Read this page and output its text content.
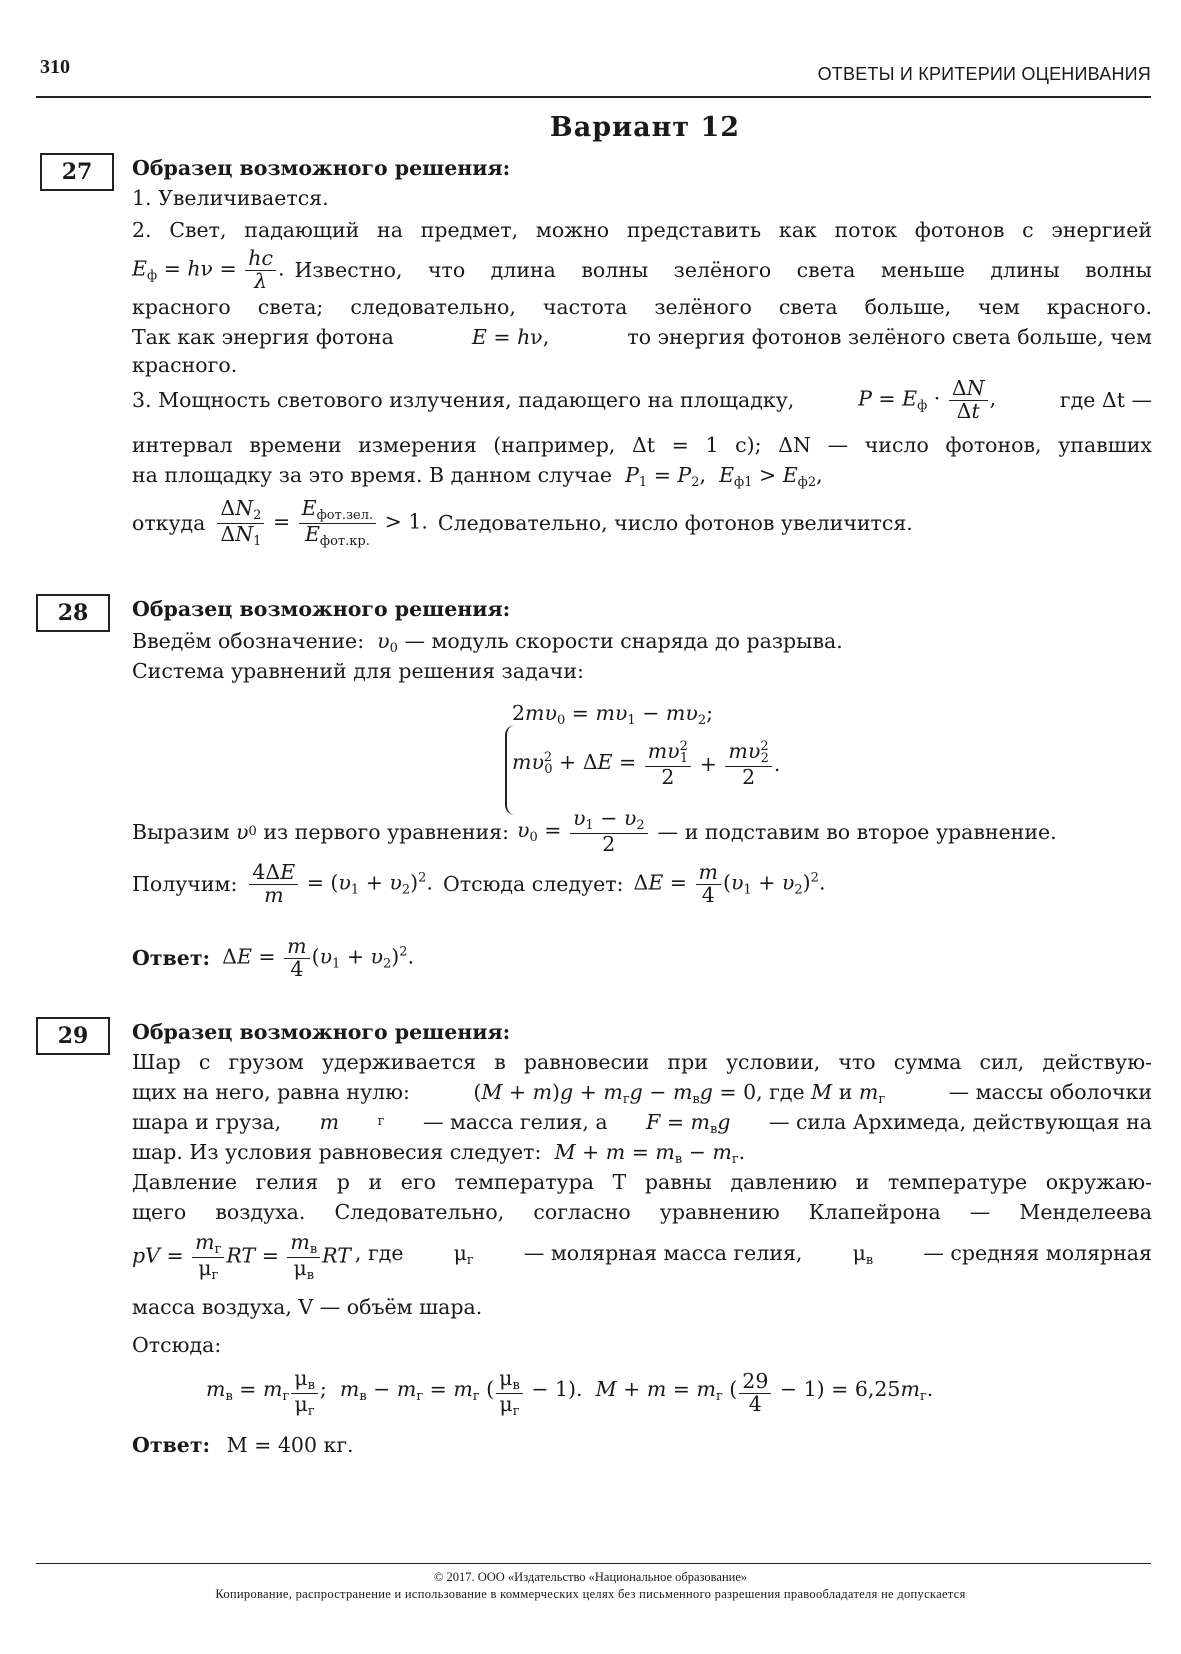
310	ОТВЕТЫ И КРИТЕРИИ ОЦЕНИВАНИЯ
Вариант 12
27	Образец возможного решения:
1. Увеличивается.
2. Свет, падающий на предмет, можно представить как поток фотонов с энергией
$E_ф = h\nu = \frac{hc}{\lambda}$ . Известно, что длина волны зелёного света меньше длины волны
красного света; следовательно, частота зелёного света больше, чем красного.
Так как энергия фотона	E = hν,	то энергия фотонов зелёного света больше, чем
красного.
3. Мощность светового излучения, падающего на площадку,	$P = E_ф \cdot \frac{\Delta N}{\Delta t}$ ,	где Δt —
интервал времени измерения (например, Δt = 1 с); ΔN — число фотонов, упавших
на площадку за это время. В данном случае $P_1 = P_2$,  $E_{ф1} > E_{ф2}$,
откуда $\frac{\Delta N_2}{\Delta N_1} = \frac{E_{фот.зел.}}{E_{фот.кр.}} > 1$. Следовательно, число фотонов увеличится.
28	Образец возможного решения:
Введём обозначение:  $\upsilon_0$ — модуль скорости снаряда до разрыва.
Система уравнений для решения задачи:
$2m\upsilon_0 = m\upsilon_1 - m\upsilon_2$;
$m\upsilon^2_0 + \Delta E = \frac{m\upsilon^2_1}{2} + \frac{m\upsilon^2_2}{2}$ .
Выразим υ 0
из первого уравнения: $\upsilon_0 = \frac{\upsilon_1 - \upsilon_2}{2}$ — и подставим во второе уравнение.
Получим: $\frac{4\Delta E}{m} = (\upsilon_1 + \upsilon_2)^2$. Отсюда следует: $\Delta E = \frac{m}{4} (\upsilon_1 + \upsilon_2)^2$.
Ответ: $\Delta E = \frac{m}{4} (\upsilon_1 + \upsilon_2)^2$.
29	Образец возможного решения:
Шар с грузом удерживается в равновесии при условии, что сумма сил, действую-
щих на него, равна нулю:	$(M + m)g + m_гg - m_вg = 0$, где M и $m_г$	— массы оболочки
шара и груза, m	г — масса гелия, а $F = m_вg$ — сила Архимеда, действующая на
шар. Из условия равновесия следует: $M + m = m_в - m_г$.
Давление гелия p и его температура T равны давлению и температуре окружаю-
щего воздуха. Следовательно, согласно уравнению Клапейрона — Менделеева
pV = $\frac{m_г}{\mu_г}$ RT = $\frac{m_в}{\mu_в}$ RT , где $\mu_г$ — молярная масса гелия, $\mu_в$ — средняя молярная
масса воздуха, V — объём шара.
Отсюда:
$m_в = m_г \frac{\mu_в}{\mu_г}$ ;  $m_в - m_г = m_г$ ( $\frac{\mu_в}{\mu_г} - 1$).  $M + m = m_г$ ( $\frac{29}{4} - 1) = 6,25m_г$.
Ответ: M = 400 кг.
© 2017. ООО «Издательство «Национальное образование»
Копирование, распространение и использование в коммерческих целях без письменного разрешения правообладателя не допускается
